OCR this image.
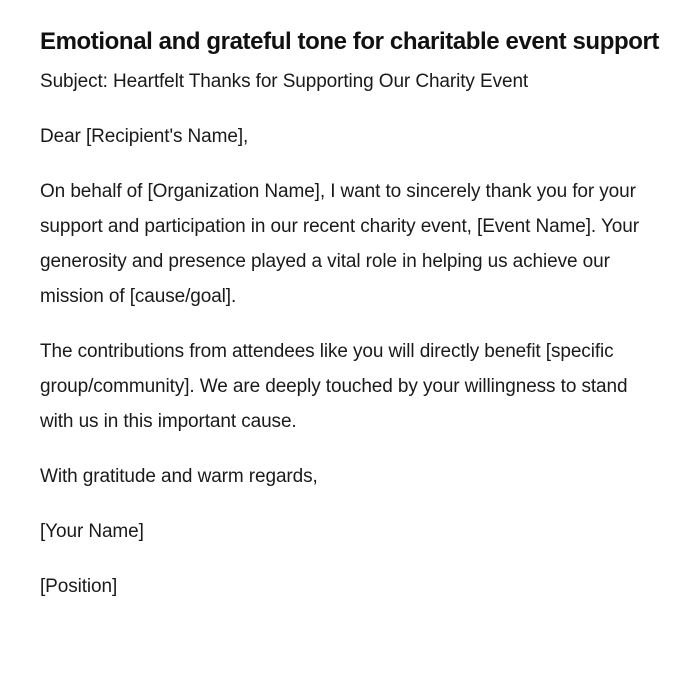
Emotional and grateful tone for charitable event support

Subject: Heartfelt Thanks for Supporting Our Charity Event

Dear [Recipient's Name],

On behalf of [Organization Name], I want to sincerely thank you for your support and participation in our recent charity event, [Event Name]. Your generosity and presence played a vital role in helping us achieve our mission of [cause/goal].

The contributions from attendees like you will directly benefit [specific group/community]. We are deeply touched by your willingness to stand with us in this important cause.

With gratitude and warm regards,

[Your Name]

[Position]
